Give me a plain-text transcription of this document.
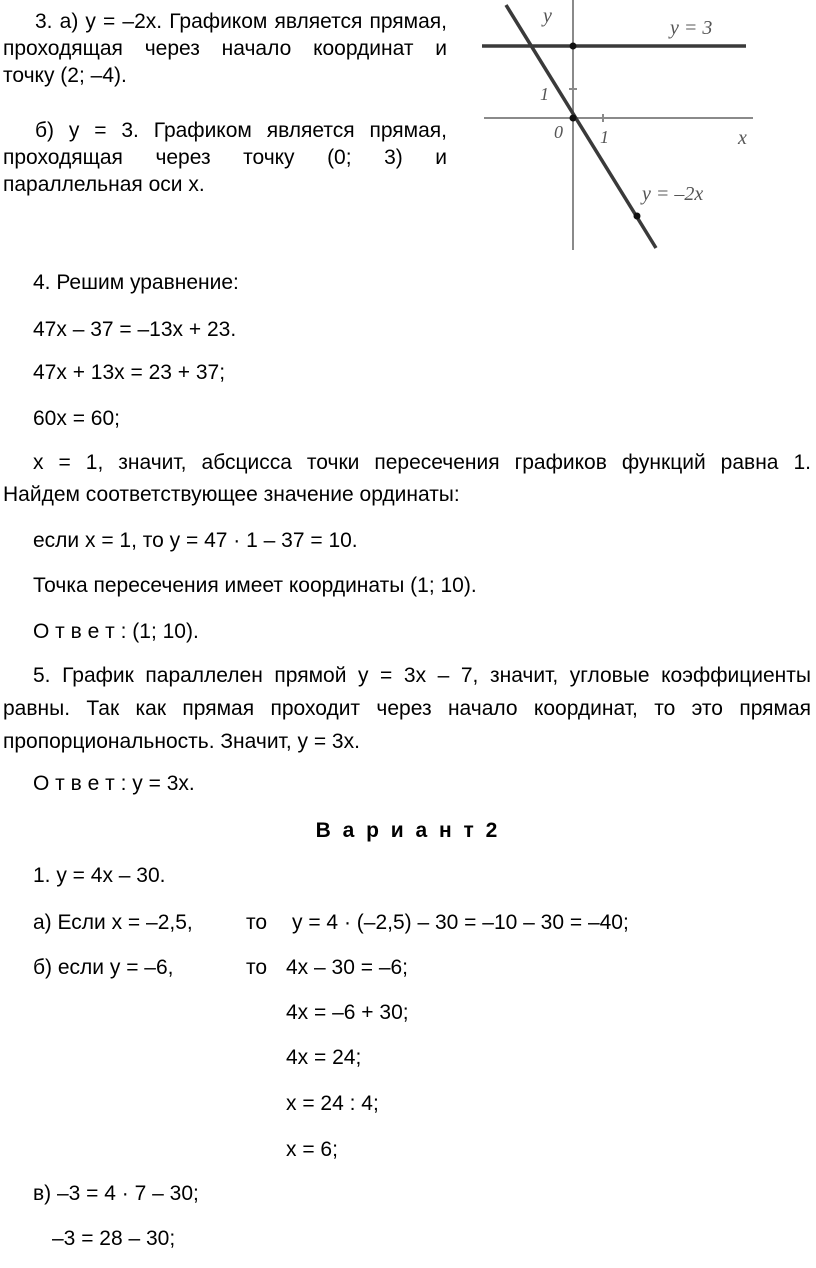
3. а) y = –2x. Графиком является прямая,
проходящая через начало координат и
точку (2; –4).
б) y = 3. Графиком является прямая,
проходящая через точку (0; 3) и
параллельная оси x.
y
x
0 1
1
y = 3
y = –2x
4. Решим уравнение:
47x – 37 = –13x + 23.
47x + 13x = 23 + 37;
60x = 60;
x = 1, значит, абсцисса точки пересечения графиков функций равна 1.
Найдем соответствующее значение ординаты:
если x = 1, то y = 47 · 1 – 37 = 10.
Точка пересечения имеет координаты (1; 10).
О т в е т : (1; 10).
5. График параллелен прямой y = 3x – 7, значит, угловые коэффициенты
равны. Так как прямая проходит через начало координат, то это прямая
пропорциональность. Значит, y = 3x.
О т в е т : y = 3x.
В а р и а н т 2
1. y = 4x – 30.
а) Если x = –2,5,	то y = 4 · (–2,5) – 30 = –10 – 30 = –40;
б) если y = –6,	то 4x – 30 = –6;
4x = –6 + 30;
4x = 24;
x = 24 : 4;
x = 6;
в) –3 = 4 · 7 – 30;
–3 = 28 – 30;
